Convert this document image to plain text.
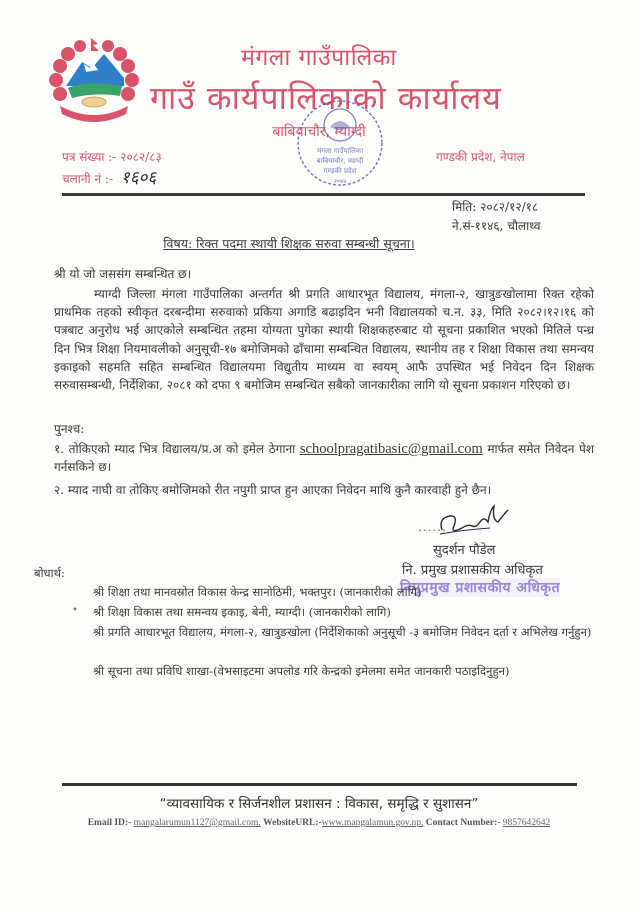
मंगला गाउँपालिका
गाउँ कार्यपालिकाको कार्यालय
बाबियाचौर, म्याग्दी
मंगला गाउँपालिका
बाबियाचौर, म्याग्दी
गण्डकी प्रदेश
२०७४
पत्र संख्या :- २०८२/८३
चलानी नं :- १६०६
गण्डकी प्रदेश, नेपाल
मिति: २०८२/१२/१८
ने.सं-११४६, चौलाथ्व
विषय: रिक्त पदमा स्थायी शिक्षक सरुवा सम्बन्धी सूचना।
श्री यो जो जससंग सम्बन्धित छ।
म्याग्दी जिल्ला मंगला गाउँपालिका अन्तर्गत श्री प्रगति आधारभूत विद्यालय, मंगला-२, खात्रुङखोलामा रिक्त रहेको प्राथमिक तहको स्वीकृत दरबन्दीमा सरुवाको प्रकिया अगाडि बढाइदिन भनी विद्यालयको च.न. ३३, मिति २०८२।१२।१६ को पत्रबाट अनुरोध भई आएकोले सम्बन्धित तहमा योग्यता पुगेका स्थायी शिक्षकहरुबाट यो सूचना प्रकाशित भएको मितिले पन्ध्र दिन भित्र शिक्षा नियमावलीको अनुसूची-१७ बमोजिमको ढाँचामा सम्बन्धित विद्यालय, स्थानीय तह र शिक्षा विकास तथा समन्वय इकाइको सहमति सहित सम्बन्धित विद्यालयमा विद्युतीय माध्यम वा स्वयम् आफै उपस्थित भई निवेदन दिन शिक्षक सरुवासम्बन्धी, निर्देशिका, २०८१ को दफा ९ बमोजिम सम्बन्धित सबैको जानकारीका लागि यो सूचना प्रकाशन गरिएको छ।
पुनश्च:
१. तोकिएको म्याद भित्र विद्यालय/प्र.अ को इमेल ठेगाना schoolpragatibasic@gmail.com मार्फत समेत निवेदन पेश गर्नसकिने छ।
२. म्याद नाघी वा तोकिए बमोजिमको रीत नपुगी प्राप्त हुन आएका निवेदन माथि कुनै कारवाही हुने छैन।
......
सुदर्शन पौडेल
नि. प्रमुख प्रशासकीय अधिकृत
निमुप्रमुख प्रशासकीय अधिकृत
बोधार्थ:
•
श्री शिक्षा तथा मानवस्रोत विकास केन्द्र सानोठिमी, भक्तपुर। (जानकारीको लागि)
श्री शिक्षा विकास तथा समन्वय इकाइ, बेनी, म्याग्दी। (जानकारीको लागि)
श्री प्रगति आधारभूत विद्यालय, मंगला-२, खात्रुङखोला (निर्देशिकाको अनुसूची -३ बमोजिम निवेदन दर्ता र अभिलेख गर्नुहुन)
श्री सूचना तथा प्रविधि शाखा-(वेभसाइटमा अपलोड गरि केन्द्रको इमेलमा समेत जानकारी पठाइदिनुहुन)
“व्यावसायिक र सिर्जनशील प्रशासन : विकास, समृद्धि र सुशासन”
Email ID:- mangalarumun1127@gmail.com, WebsiteURL:-www.mangalamun.gov.np, Contact Number:- 9857642642
